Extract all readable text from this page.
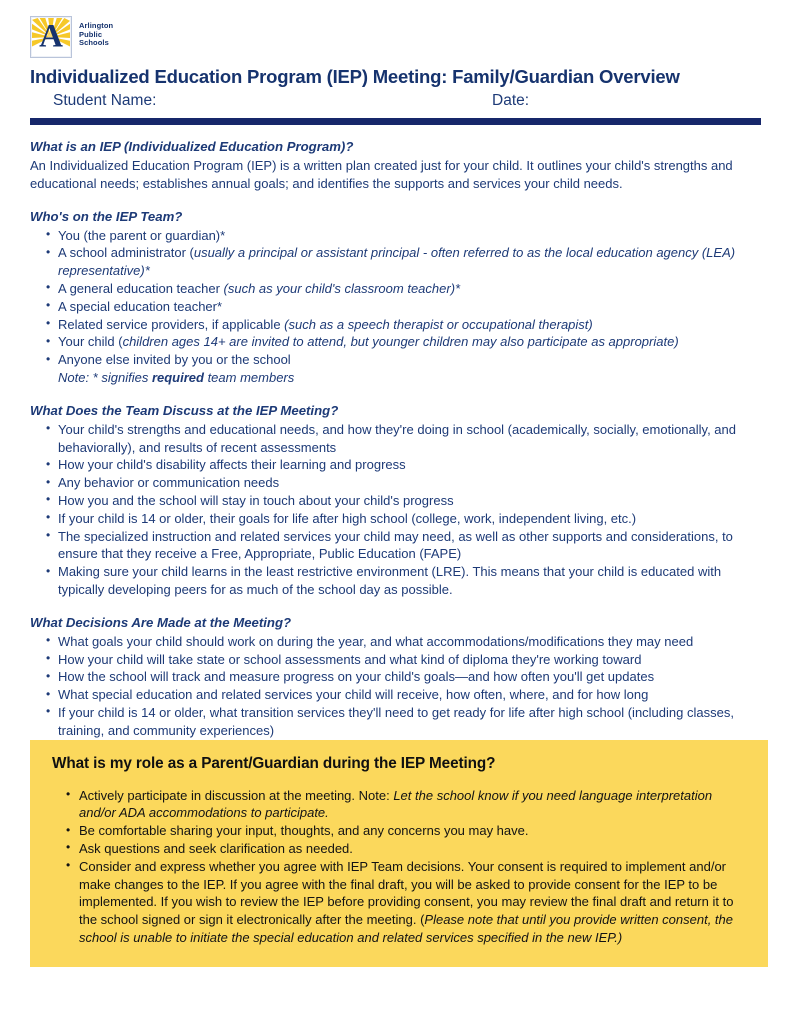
A	Arlington
Public
Schools
Individualized Education Program (IEP) Meeting: Family/Guardian Overview
Student Name:	Date:
What is an IEP (Individualized Education Program)?

An Individualized Education Program (IEP) is a written plan created just for your child. It outlines your child's strengths and educational needs; establishes annual goals; and identifies the supports and services your child needs.

Who's on the IEP Team?
• You (the parent or guardian)*
• A school administrator (usually a principal or assistant principal - often referred to as the local education agency (LEA) representative)*
• A general education teacher (such as your child's classroom teacher)*
• A special education teacher*
• Related service providers, if applicable (such as a speech therapist or occupational therapist)
• Your child (children ages 14+ are invited to attend, but younger children may also participate as appropriate)
• Anyone else invited by you or the school
Note: * signifies required team members
What Does the Team Discuss at the IEP Meeting?
• Your child's strengths and educational needs, and how they're doing in school (academically, socially, emotionally, and behaviorally), and results of recent assessments
• How your child's disability affects their learning and progress
• Any behavior or communication needs
• How you and the school will stay in touch about your child's progress
• If your child is 14 or older, their goals for life after high school (college, work, independent living, etc.)
• The specialized instruction and related services your child may need, as well as other supports and considerations, to ensure that they receive a Free, Appropriate, Public Education (FAPE)
• Making sure your child learns in the least restrictive environment (LRE). This means that your child is educated with typically developing peers for as much of the school day as possible.
What Decisions Are Made at the Meeting?
• What goals your child should work on during the year, and what accommodations/modifications they may need
• How your child will take state or school assessments and what kind of diploma they're working toward
• How the school will track and measure progress on your child's goals—and how often you'll get updates
• What special education and related services your child will receive, how often, where, and for how long
• If your child is 14 or older, what transition services they'll need to get ready for life after high school (including classes, training, and community experiences)
What is my role as a Parent/Guardian during the IEP Meeting?
• Actively participate in discussion at the meeting. Note: Let the school know if you need language interpretation and/or ADA accommodations to participate.
• Be comfortable sharing your input, thoughts, and any concerns you may have.
• Ask questions and seek clarification as needed.
• Consider and express whether you agree with IEP Team decisions. Your consent is required to implement and/or make changes to the IEP. If you agree with the final draft, you will be asked to provide consent for the IEP to be implemented. If you wish to review the IEP before providing consent, you may review the final draft and return it to the school signed or sign it electronically after the meeting. (Please note that until you provide written consent, the school is unable to initiate the special education and related services specified in the new IEP.)
